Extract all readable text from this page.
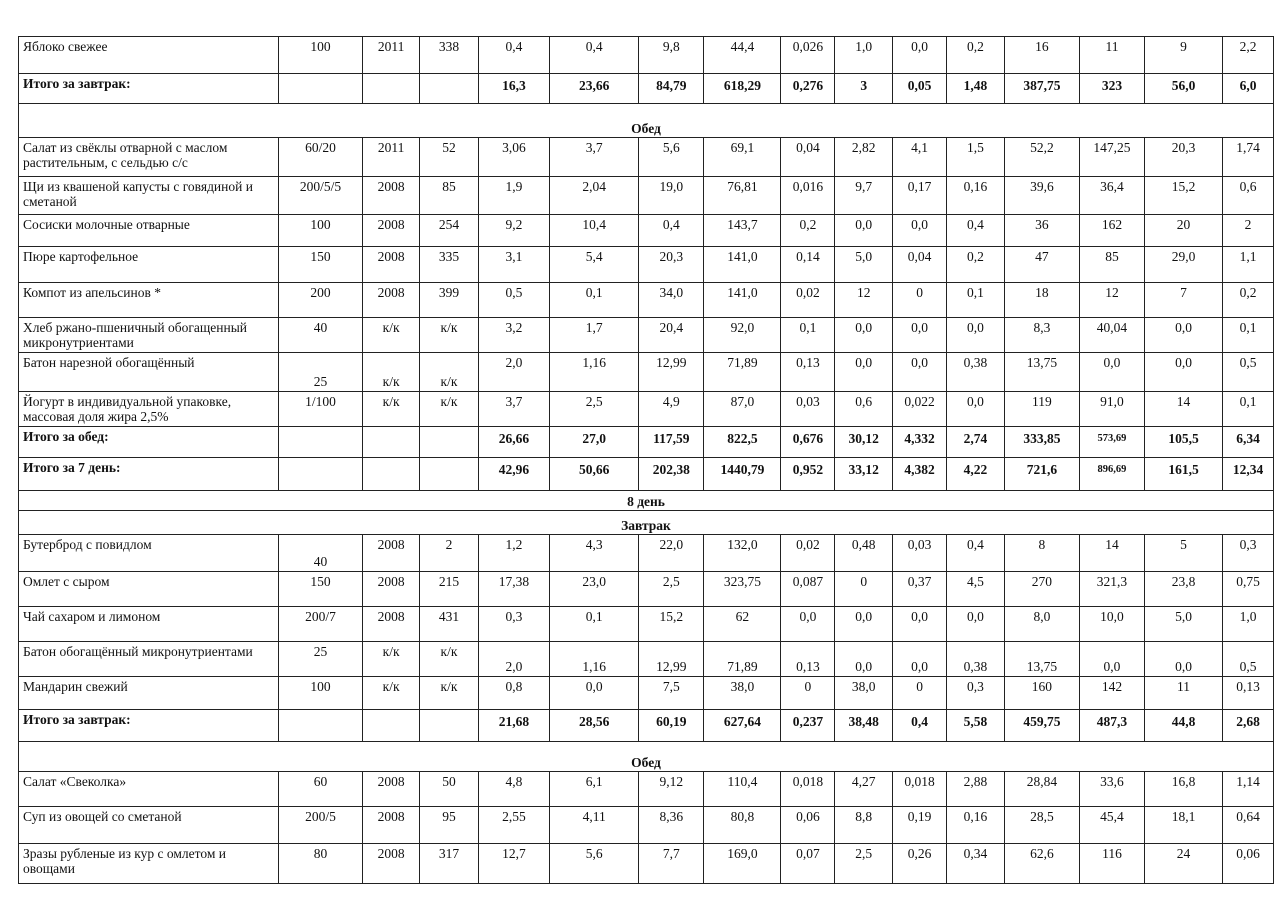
Яблоко свежее	100	2011	338	0,4	0,4	9,8	44,4	0,026	1,0	0,0	0,2	16	11	9	2,2
Итого за завтрак:				16,3	23,66	84,79	618,29	0,276	3	0,05	1,48	387,75	323	56,0	6,0
Обед															
Салат из свёклы отварной с маслом растительным, с сельдью с/с	60/20	2011	52	3,06	3,7	5,6	69,1	0,04	2,82	4,1	1,5	52,2	147,25	20,3	1,74
Щи из квашеной капусты с говядиной и сметаной	200/5/5	2008	85	1,9	2,04	19,0	76,81	0,016	9,7	0,17	0,16	39,6	36,4	15,2	0,6
Сосиски молочные отварные	100	2008	254	9,2	10,4	0,4	143,7	0,2	0,0	0,0	0,4	36	162	20	2
Пюре картофельное	150	2008	335	3,1	5,4	20,3	141,0	0,14	5,0	0,04	0,2	47	85	29,0	1,1
Компот из апельсинов *	200	2008	399	0,5	0,1	34,0	141,0	0,02	12	0	0,1	18	12	7	0,2
Хлеб ржано-пшеничный обогащенный микронутриентами	40	к/к	к/к	3,2	1,7	20,4	92,0	0,1	0,0	0,0	0,0	8,3	40,04	0,0	0,1
Батон нарезной обогащённый	25	к/к	к/к	2,0	1,16	12,99	71,89	0,13	0,0	0,0	0,38	13,75	0,0	0,0	0,5
Йогурт в индивидуальной упаковке, массовая доля жира 2,5%	1/100	к/к	к/к	3,7	2,5	4,9	87,0	0,03	0,6	0,022	0,0	119	91,0	14	0,1
Итого за обед:				26,66	27,0	117,59	822,5	0,676	30,12	4,332	2,74	333,85	573,69	105,5	6,34
Итого за 7 день:				42,96	50,66	202,38	1440,79	0,952	33,12	4,382	4,22	721,6	896,69	161,5	12,34
8 день															
Завтрак															
Бутерброд с повидлом	40	2008	2	1,2	4,3	22,0	132,0	0,02	0,48	0,03	0,4	8	14	5	0,3
Омлет с сыром	150	2008	215	17,38	23,0	2,5	323,75	0,087	0	0,37	4,5	270	321,3	23,8	0,75
Чай сахаром и лимоном	200/7	2008	431	0,3	0,1	15,2	62	0,0	0,0	0,0	0,0	8,0	10,0	5,0	1,0
Батон обогащённый микронутриентами	25	к/к	к/к	2,0	1,16	12,99	71,89	0,13	0,0	0,0	0,38	13,75	0,0	0,0	0,5
Мандарин свежий	100	к/к	к/к	0,8	0,0	7,5	38,0	0	38,0	0	0,3	160	142	11	0,13
Итого за завтрак:				21,68	28,56	60,19	627,64	0,237	38,48	0,4	5,58	459,75	487,3	44,8	2,68
Обед															
Салат «Свеколка»	60	2008	50	4,8	6,1	9,12	110,4	0,018	4,27	0,018	2,88	28,84	33,6	16,8	1,14
Суп из овощей со сметаной	200/5	2008	95	2,55	4,11	8,36	80,8	0,06	8,8	0,19	0,16	28,5	45,4	18,1	0,64
Зразы рубленые из кур с омлетом и овощами	80	2008	317	12,7	5,6	7,7	169,0	0,07	2,5	0,26	0,34	62,6	116	24	0,06
